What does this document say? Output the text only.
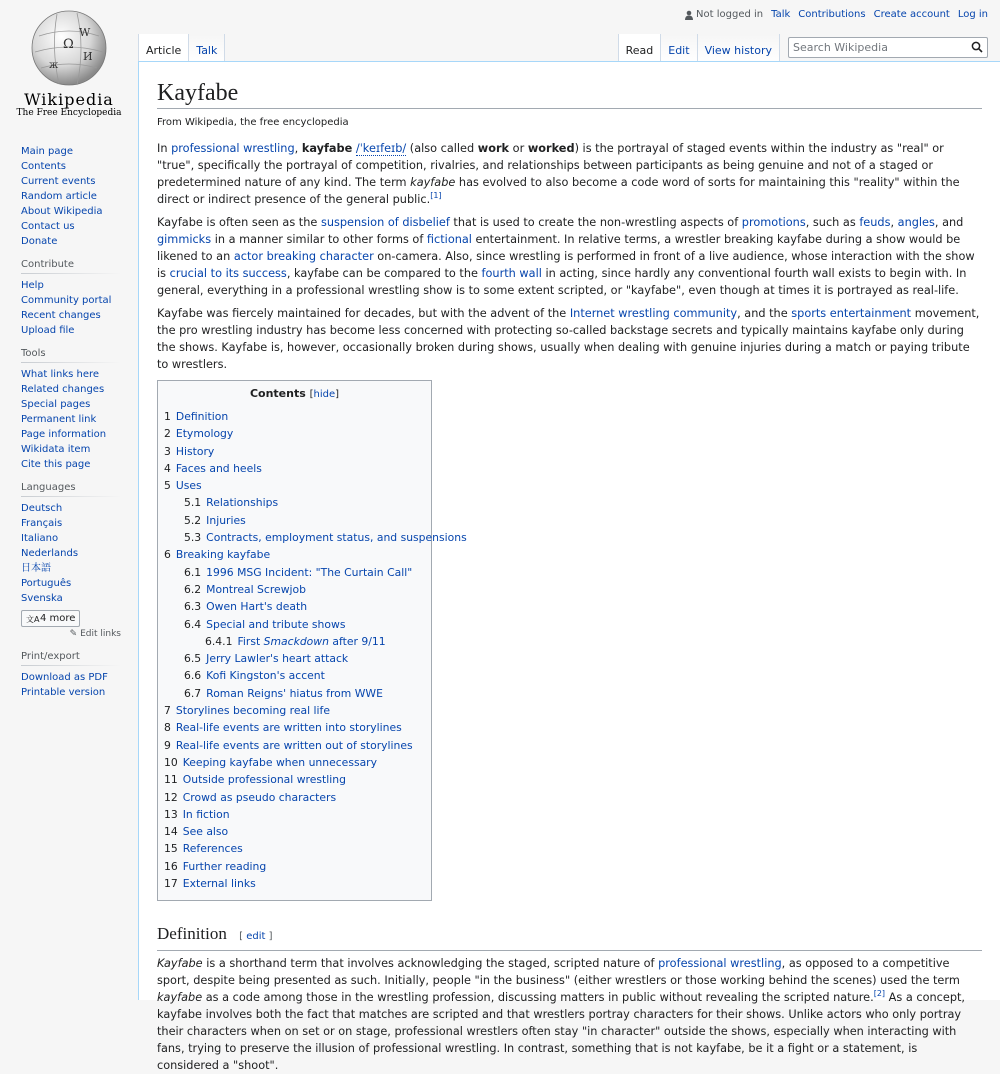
Ω
W
И
ж
Wikipedia
The Free Encyclopedia
Not logged in Talk Contributions Create account Log in
Article	Talk	Read	Edit	View history
Search Wikipedia
Main page
Contents
Current events
Random article
About Wikipedia
Contact us
Donate
Contribute
Help
Community portal
Recent changes
Upload file
Tools
What links here
Related changes
Special pages
Permanent link
Page information
Wikidata item
Cite this page
Languages
Deutsch
Français
Italiano
Nederlands
日本語
Português
Svenska
文A 4 more
✎ Edit links
Print/export
Download as PDF
Printable version
Kayfabe
From Wikipedia, the free encyclopedia

In professional wrestling, kayfabe /ˈkeɪfeɪb/ (also called work or worked) is the portrayal of staged events within the industry as "real" or "true", specifically the portrayal of competition, rivalries, and relationships between participants as being genuine and not of a staged or predetermined nature of any kind. The term kayfabe has evolved to also become a code word of sorts for maintaining this "reality" within the direct or indirect presence of the general public.[1]

Kayfabe is often seen as the suspension of disbelief that is used to create the non-wrestling aspects of promotions, such as feuds, angles, and gimmicks in a manner similar to other forms of fictional entertainment. In relative terms, a wrestler breaking kayfabe during a show would be likened to an actor breaking character on-camera. Also, since wrestling is performed in front of a live audience, whose interaction with the show is crucial to its success, kayfabe can be compared to the fourth wall in acting, since hardly any conventional fourth wall exists to begin with. In general, everything in a professional wrestling show is to some extent scripted, or "kayfabe", even though at times it is portrayed as real-life.

Kayfabe was fiercely maintained for decades, but with the advent of the Internet wrestling community, and the sports entertainment movement, the pro wrestling industry has become less concerned with protecting so-called backstage secrets and typically maintains kayfabe only during the shows. Kayfabe is, however, occasionally broken during shows, usually when dealing with genuine injuries during a match or paying tribute to wrestlers.

Contents [hide]
1 Definition
2 Etymology
3 History
4 Faces and heels
5 Uses
5.1 Relationships
5.2 Injuries
5.3 Contracts, employment status, and suspensions
6 Breaking kayfabe
6.1 1996 MSG Incident: "The Curtain Call"
6.2 Montreal Screwjob
6.3 Owen Hart's death
6.4 Special and tribute shows
6.4.1 First Smackdown after 9/11
6.5 Jerry Lawler's heart attack
6.6 Kofi Kingston's accent
6.7 Roman Reigns' hiatus from WWE
7 Storylines becoming real life
8 Real-life events are written into storylines
9 Real-life events are written out of storylines
10 Keeping kayfabe when unnecessary
11 Outside professional wrestling
12 Crowd as pseudo characters
13 In fiction
14 See also
15 References
16 Further reading
17 External links
Definition [ edit ]

Kayfabe is a shorthand term that involves acknowledging the staged, scripted nature of professional wrestling, as opposed to a competitive sport, despite being presented as such. Initially, people "in the business" (either wrestlers or those working behind the scenes) used the term kayfabe as a code among those in the wrestling profession, discussing matters in public without revealing the scripted nature.[2] As a concept, kayfabe involves both the fact that matches are scripted and that wrestlers portray characters for their shows. Unlike actors who only portray their characters when on set or on stage, professional wrestlers often stay "in character" outside the shows, especially when interacting with fans, trying to preserve the illusion of professional wrestling. In contrast, something that is not kayfabe, be it a fight or a statement, is considered a "shoot".
